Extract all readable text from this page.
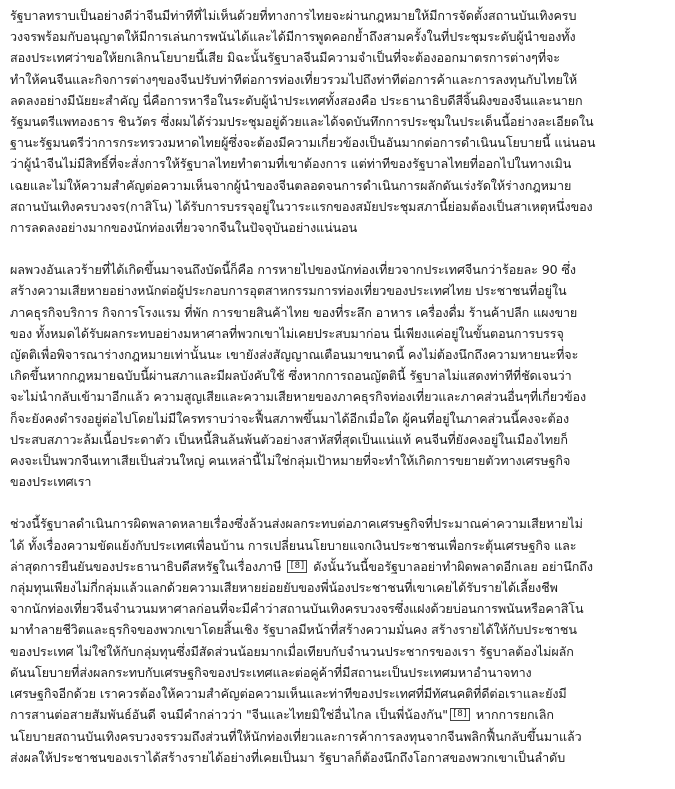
รัฐบาลทราบเป็นอย่างดีว่าจีนมีท่าทีที่ไม่เห็นด้วยที่ทางการไทยจะผ่านกฎหมายให้มีการจัดตั้งสถานบันเทิงครบ
วงจรพร้อมกับอนุญาตให้มีการเล่นการพนันได้และได้มีการพูดคอกย้ำถึงสามครั้งในที่ประชุมระดับผู้นำของทั้ง
สองประเทศว่าขอให้ยกเลิกนโยบายนี้เสีย มิฉะนั้นรัฐบาลจีนมีความจำเป็นที่จะต้องออกมาตรการต่างๆที่จะ
ทำให้คนจีนและกิจการต่างๆของจีนปรับท่าทีต่อการท่องเที่ยวรวมไปถึงท่าทีต่อการค้าและการลงทุนกับไทยให้
ลดลงอย่างมีนัยยะสำคัญ นี่คือการหารือในระดับผู้นำประเทศทั้งสองคือ ประธานาธิบดีสีจิ้นผิงของจีนและนายก
รัฐมนตรีแพทองธาร ชินวัตร ซึ่งผมได้ร่วมประชุมอยู่ด้วยและได้จดบันทึกการประชุมในประเด็นนี้อย่างละเอียดใน
ฐานะรัฐมนตรีว่าการกระทรวงมหาดไทยผู้ซึ่งจะต้องมีความเกี่ยวข้องเป็นอันมากต่อการดำเนินนโยบายนี้ แน่นอน
ว่าผู้นำจีนไม่มีสิทธิ์ที่จะสั่งการให้รัฐบาลไทยทำตามที่เขาต้องการ แต่ท่าทีของรัฐบาลไทยที่ออกไปในทางเมิน
เฉยและไม่ให้ความสำคัญต่อความเห็นจากผู้นำของจีนตลอดจนการดำเนินการผลักดันเร่งรัดให้ร่างกฎหมาย
สถานบันเทิงครบวงจร(กาสิโน) ได้รับการบรรจุอยู่ในวาระแรกของสมัยประชุมสภานี้ย่อมต้องเป็นสาเหตุหนึ่งของ
การลดลงอย่างมากของนักท่องเที่ยวจากจีนในปัจจุบันอย่างแน่นอน
ผลพวงอันเลวร้ายที่ได้เกิดขึ้นมาจนถึงบัดนี้ก็คือ การหายไปของนักท่องเที่ยวจากประเทศจีนกว่าร้อยละ 90 ซึ่ง
สร้างความเสียหายอย่างหนักต่อผู้ประกอบการอุตสาหกรรมการท่องเที่ยวของประเทศไทย ประชาชนที่อยู่ใน
ภาคธุรกิจบริการ กิจการโรงแรม ที่พัก การขายสินค้าไทย ของที่ระลึก อาหาร เครื่องดื่ม ร้านค้าปลีก แผงขาย
ของ ทั้งหมดได้รับผลกระทบอย่างมหาศาลที่พวกเขาไม่เคยประสบมาก่อน นี่เพียงแค่อยู่ในขั้นตอนการบรรจุ
ญัตติเพื่อพิจารณาร่างกฎหมายเท่านั้นนะ เขายังส่งสัญญาณเตือนมาขนาดนี้ คงไม่ต้องนึกถึงความหายนะที่จะ
เกิดขึ้นหากกฎหมายฉบับนี้ผ่านสภาและมีผลบังคับใช้ ซึ่งหากการถอนญัตตินี้ รัฐบาลไม่แสดงท่าทีที่ชัดเจนว่า
จะไม่นำกลับเข้ามาอีกแล้ว ความสูญเสียและความเสียหายของภาคธุรกิจท่องเที่ยวและภาคส่วนอื่นๆที่เกี่ยวข้อง
ก็จะยังคงดำรงอยู่ต่อไปโดยไม่มีใครทราบว่าจะฟื้นสภาพขึ้นมาได้อีกเมื่อใด ผู้คนที่อยู่ในภาคส่วนนี้คงจะต้อง
ประสบสภาวะล้มเนื้อประดาตัว เป็นหนี้สินล้นพ้นตัวอย่างสาหัสที่สุดเป็นแน่แท้ คนจีนที่ยังคงอยู่ในเมืองไทยก็
คงจะเป็นพวกจีนเทาเสียเป็นส่วนใหญ่ คนเหล่านี้ไม่ใช่กลุ่มเป้าหมายที่จะทำให้เกิดการขยายตัวทางเศรษฐกิจ
ของประเทศเรา
ช่วงนี้รัฐบาลดำเนินการผิดพลาดหลายเรื่องซึ่งล้วนส่งผลกระทบต่อภาคเศรษฐกิจที่ประมาณค่าความเสียหายไม่
ได้ ทั้งเรื่องความขัดแย้งกับประเทศเพื่อนบ้าน การเปลี่ยนนโยบายแจกเงินประชาชนเพื่อกระตุ้นเศรษฐกิจ และ
ล่าสุดการยืนยันของประธานาธิบดีสหรัฐในเรื่องภาษี [8] ดังนั้นวันนี้ขอรัฐบาลอย่าทำผิดพลาดอีกเลย อย่านึกถึง
กลุ่มทุนเพียงไม่กี่กลุ่มแล้วแลกด้วยความเสียหายย่อยยับของพี่น้องประชาชนที่เขาเคยได้รับรายได้เลี้ยงชีพ
จากนักท่องเที่ยวจีนจำนวนมหาศาลก่อนที่จะมีคำว่าสถานบันเทิงครบวงจรซึ่งแฝงด้วยบ่อนการพนันหรือคาสิโน
มาทำลายชีวิตและธุรกิจของพวกเขาโดยสิ้นเชิง รัฐบาลมีหน้าที่สร้างความมั่นคง สร้างรายได้ให้กับประชาชน
ของประเทศ ไม่ใช่ให้กับกลุ่มทุนซึ่งมีสัดส่วนน้อยมากเมื่อเทียบกับจำนวนประชากรของเรา รัฐบาลต้องไม่ผลัก
ดันนโยบายที่ส่งผลกระทบกับเศรษฐกิจของประเทศและต่อคู่ค้าที่มีสถานะเป็นประเทศมหาอำนาจทาง
เศรษฐกิจอีกด้วย เราควรต้องให้ความสำคัญต่อความเห็นและท่าทีของประเทศที่มีทัศนคติที่ดีต่อเราและยังมี
การสานต่อสายสัมพันธ์อันดี จนมีคำกล่าวว่า "จีนและไทยมิใช่อื่นไกล เป็นพี่น้องกัน" [8] หากการยกเลิก
นโยบายสถานบันเทิงครบวงจรรวมถึงส่วนที่ให้นักท่องเที่ยวและการค้าการลงทุนจากจีนพลิกฟื้นกลับขึ้นมาแล้ว
ส่งผลให้ประชาชนของเราได้สร้างรายได้อย่างที่เคยเป็นมา รัฐบาลก็ต้องนึกถึงโอกาสของพวกเขาเป็นลำดับ
